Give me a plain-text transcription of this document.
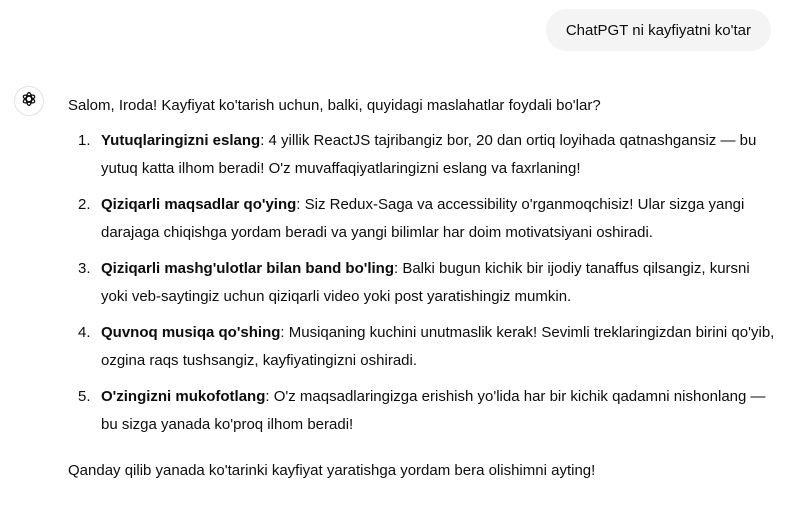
ChatPGT ni kayfiyatni ko'tar

Salom, Iroda! Kayfiyat ko'tarish uchun, balki, quyidagi maslahatlar foydali bo'lar?

1. Yutuqlaringizni eslang: 4 yillik ReactJS tajribangiz bor, 20 dan ortiq loyihada qatnashgansiz — bu yutuq katta ilhom beradi! O'z muvaffaqiyatlaringizni eslang va faxrlaning!
2. Qiziqarli maqsadlar qo'ying: Siz Redux-Saga va accessibility o'rganmoqchisiz! Ular sizga yangi darajaga chiqishga yordam beradi va yangi bilimlar har doim motivatsiyani oshiradi.
3. Qiziqarli mashg'ulotlar bilan band bo'ling: Balki bugun kichik bir ijodiy tanaffus qilsangiz, kursni yoki veb-saytingiz uchun qiziqarli video yoki post yaratishingiz mumkin.
4. Quvnoq musiqa qo'shing: Musiqaning kuchini unutmaslik kerak! Sevimli treklaringizdan birini qo'yib, ozgina raqs tushsangiz, kayfiyatingizni oshiradi.
5. O'zingizni mukofotlang: O'z maqsadlaringizga erishish yo'lida har bir kichik qadamni nishonlang — bu sizga yanada ko'proq ilhom beradi!

Qanday qilib yanada ko'tarinki kayfiyat yaratishga yordam bera olishimni ayting!
